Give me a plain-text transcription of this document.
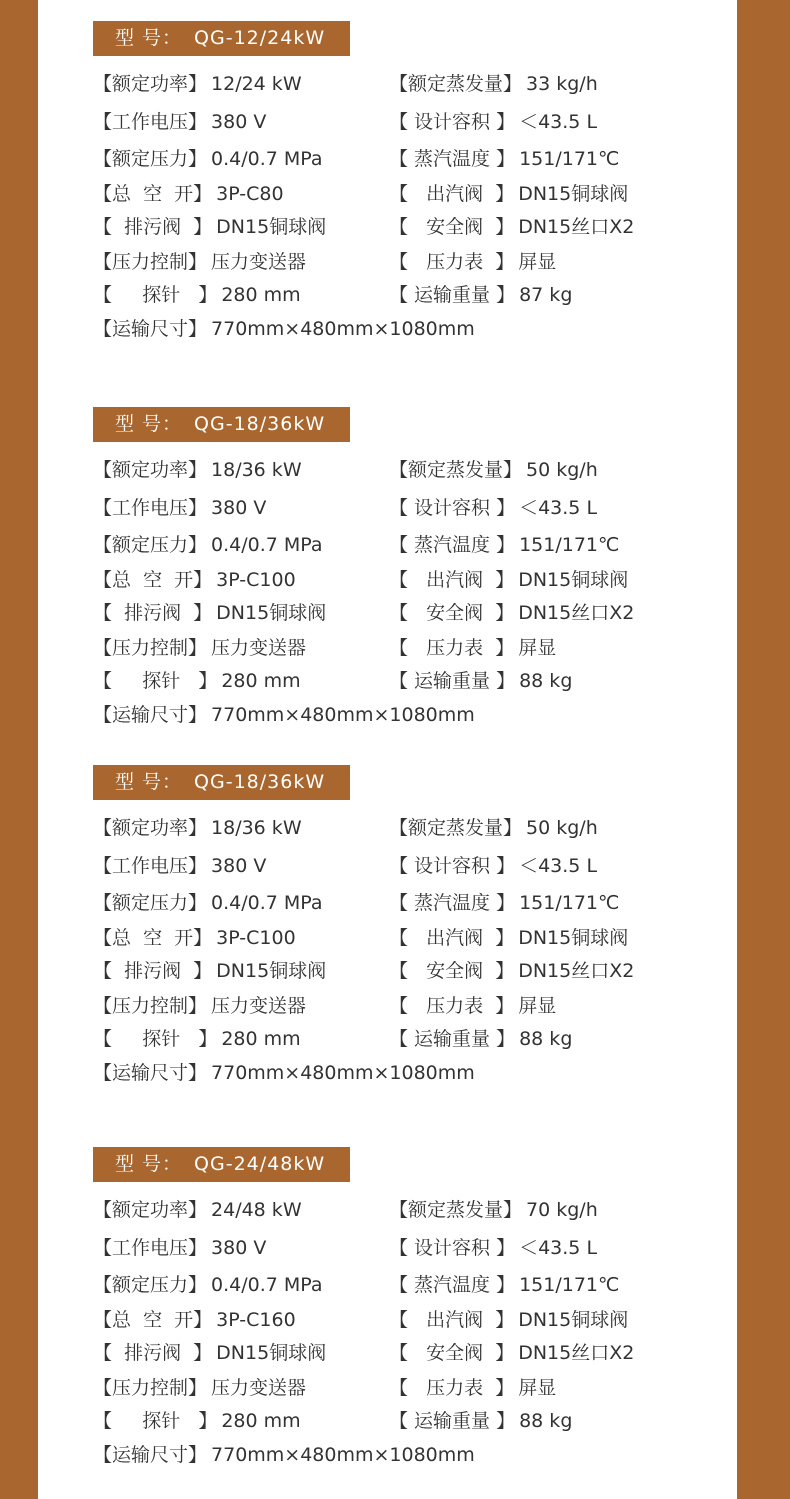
型 号： QG-12/24kW
【额定功率】 12/24 kW	【额定蒸发量】 33 kg/h
【工作电压】 380 V	【 设计容积 】 ＜43.5 L
【额定压力】 0.4/0.7 MPa	【 蒸汽温度 】 151/171℃
【总  空  开】 3P-C80	【   出汽阀  】 DN15铜球阀
【  排污阀  】 DN15铜球阀	【   安全阀  】 DN15丝口X2
【压力控制】 压力变送器	【   压力表  】 屏显
【     探针   】 280 mm	【 运输重量 】 87 kg
【运输尺寸】 770mm×480mm×1080mm
型 号： QG-18/36kW
【额定功率】 18/36 kW	【额定蒸发量】 50 kg/h
【工作电压】 380 V	【 设计容积 】 ＜43.5 L
【额定压力】 0.4/0.7 MPa	【 蒸汽温度 】 151/171℃
【总  空  开】 3P-C100	【   出汽阀  】 DN15铜球阀
【  排污阀  】 DN15铜球阀	【   安全阀  】 DN15丝口X2
【压力控制】 压力变送器	【   压力表  】 屏显
【     探针   】 280 mm	【 运输重量 】 88 kg
【运输尺寸】 770mm×480mm×1080mm
型 号： QG-18/36kW
【额定功率】 18/36 kW	【额定蒸发量】 50 kg/h
【工作电压】 380 V	【 设计容积 】 ＜43.5 L
【额定压力】 0.4/0.7 MPa	【 蒸汽温度 】 151/171℃
【总  空  开】 3P-C100	【   出汽阀  】 DN15铜球阀
【  排污阀  】 DN15铜球阀	【   安全阀  】 DN15丝口X2
【压力控制】 压力变送器	【   压力表  】 屏显
【     探针   】 280 mm	【 运输重量 】 88 kg
【运输尺寸】 770mm×480mm×1080mm
型 号： QG-24/48kW
【额定功率】 24/48 kW	【额定蒸发量】 70 kg/h
【工作电压】 380 V	【 设计容积 】 ＜43.5 L
【额定压力】 0.4/0.7 MPa	【 蒸汽温度 】 151/171℃
【总  空  开】 3P-C160	【   出汽阀  】 DN15铜球阀
【  排污阀  】 DN15铜球阀	【   安全阀  】 DN15丝口X2
【压力控制】 压力变送器	【   压力表  】 屏显
【     探针   】 280 mm	【 运输重量 】 88 kg
【运输尺寸】 770mm×480mm×1080mm
